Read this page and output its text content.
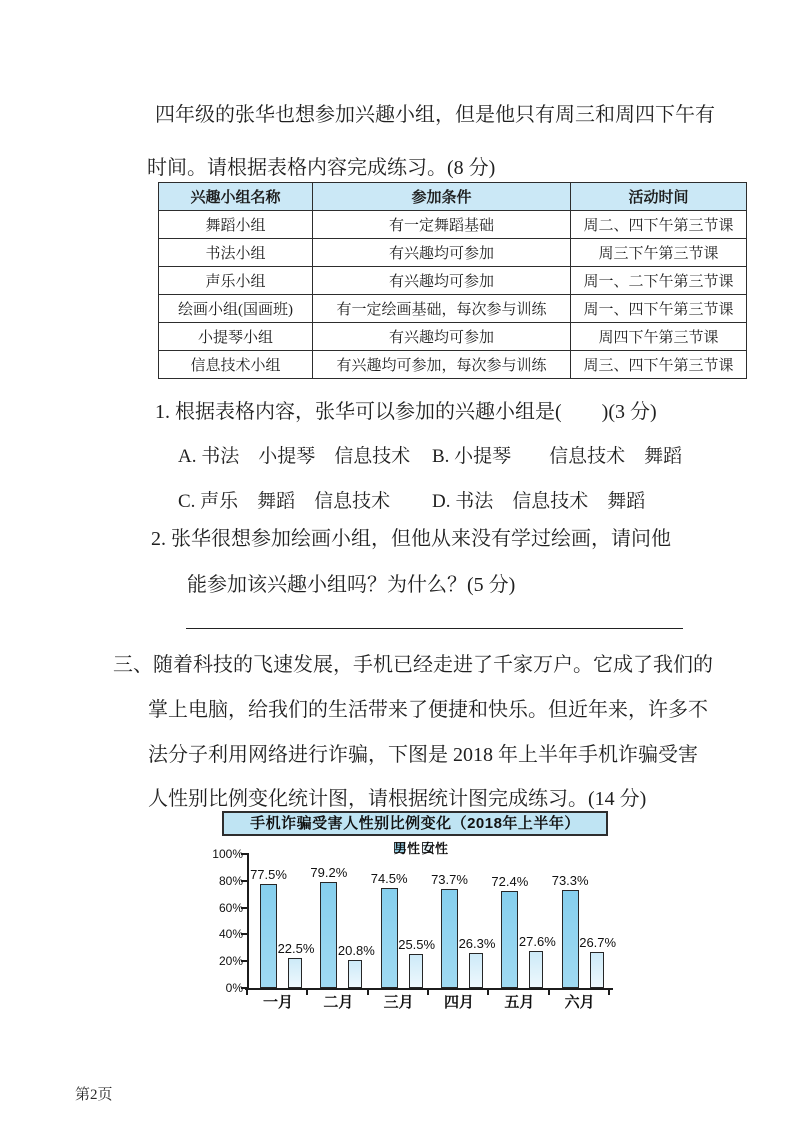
四年级的张华也想参加兴趣小组，但是他只有周三和周四下午有
时间。请根据表格内容完成练习。(8 分)
兴趣小组名称	参加条件	活动时间
舞蹈小组	有一定舞蹈基础	周二、四下午第三节课
书法小组	有兴趣均可参加	周三下午第三节课
声乐小组	有兴趣均可参加	周一、二下午第三节课
绘画小组(国画班)	有一定绘画基础，每次参与训练	周一、四下午第三节课
小提琴小组	有兴趣均可参加	周四下午第三节课
信息技术小组	有兴趣均可参加，每次参与训练	周三、四下午第三节课
1. 根据表格内容，张华可以参加的兴趣小组是(　　)(3 分)
A. 书法　小提琴　信息技术 B. 小提琴　　信息技术　舞蹈
C. 声乐　舞蹈　信息技术 D. 书法　信息技术　舞蹈
2. 张华很想参加绘画小组，但他从来没有学过绘画，请问他
能参加该兴趣小组吗？为什么？(5 分)
三、随着科技的飞速发展，手机已经走进了千家万户。它成了我们的
掌上电脑，给我们的生活带来了便捷和快乐。但近年来，许多不
法分子利用网络进行诈骗，下图是 2018 年上半年手机诈骗受害
人性别比例变化统计图，请根据统计图完成练习。(14 分)
手机诈骗受害人性别比例变化（2018年上半年）
男性 女性
0%
20%
40%
60%
80%
100%
77.5%
22.5%
一月
79.2%
20.8%
二月
74.5%
25.5%
三月
73.7%
26.3%
四月
72.4%
27.6%
五月
73.3%
26.7%
六月
第2页
